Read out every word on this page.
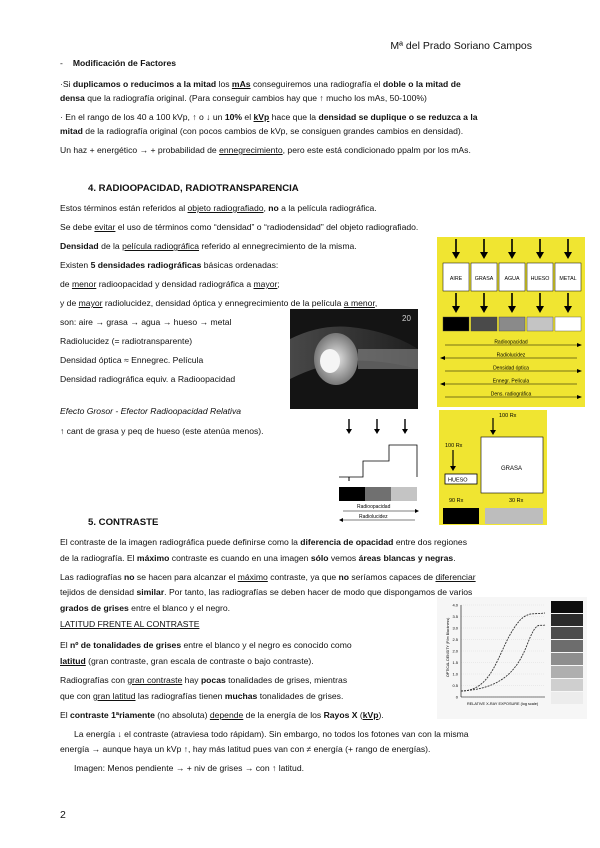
Mª del Prado Soriano Campos
- Modificación de Factores
·Si duplicamos o reducimos a la mitad los mAs conseguiremos una radiografía el doble o la mitad de
densa que la radiografía original. (Para conseguir cambios hay que ↑ mucho los mAs, 50-100%)
· En el rango de los 40 a 100 kVp, ↑ o ↓ un 10% el kVp hace que la densidad se duplique o se reduzca a la
mitad de la radiografía original (con pocos cambios de kVp, se consiguen grandes cambios en densidad).
Un haz + energético → + probabilidad de ennegrecimiento, pero este está condicionado ppalm por los mAs.
4. RADIOOPACIDAD, RADIOTRANSPARENCIA
Estos términos están referidos al objeto radiografiado, no a la película radiográfica.
Se debe evitar el uso de términos como “densidad” o “radiodensidad” del objeto radiografiado.
Densidad de la película radiográfica referido al ennegrecimiento de la misma.
Existen 5 densidades radiográficas básicas ordenadas:
de menor radioopacidad y densidad radiográfica a mayor;
y de mayor radiolucidez, densidad óptica y ennegrecimiento de la película a menor,
son: aire → grasa → agua → hueso → metal
Radiolucidez (= radiotransparente)
Densidad óptica ≈ Ennegrec. Película
Densidad radiográfica equiv. a Radioopacidad
Efecto Grosor - Efector Radioopacidad Relativa
↑ cant de grasa y peq de hueso (este atenúa menos).
20
AIRE GRASA AGUA HUESO METAL
Radioopacidad
Radiolucidez
Densidad óptica
Ennegr. Película
Dens. radiográfica
100 Rx
100 Rx
GRASA
HUESO
90 Rx	30 Rx
Radioopacidad
Radiolucidez
5. CONTRASTE
El contraste de la imagen radiográfica puede definirse como la diferencia de opacidad entre dos regiones
de la radiografía. El máximo contraste es cuando en una imagen sólo vemos áreas blancas y negras.
Las radiografías no se hacen para alcanzar el máximo contraste, ya que no seríamos capaces de diferenciar
tejidos de densidad similar. Por tanto, las radiografías se deben hacer de modo que dispongamos de varios
grados de grises entre el blanco y el negro.
LATITUD FRENTE AL CONTRASTE
El nº de tonalidades de grises entre el blanco y el negro es conocido como
latitud (gran contraste, gran escala de contraste o bajo contraste).
Radiografías con gran contraste hay pocas tonalidades de grises, mientras
que con gran latitud las radiografías tienen muchas tonalidades de grises.
El contraste 1ªriamente (no absoluta) depende de la energía de los Rayos X (kVp).
La energía ↓ el contraste (atraviesa todo rápidam). Sin embargo, no todos los fotones van con la misma
energía → aunque haya un kVp ↑, hay más latitud pues van con ≠ energía (+ rango de energías).
Imagen: Menos pendiente → + niv de grises → con ↑ latitud.
OPTICAL DENSITY (Film Blackness)
4.0
3.5
3.0
2.5
2.0
1.5
1.0
0.5
0
RELATIVE X-RAY EXPOSURE (log scale)
2
